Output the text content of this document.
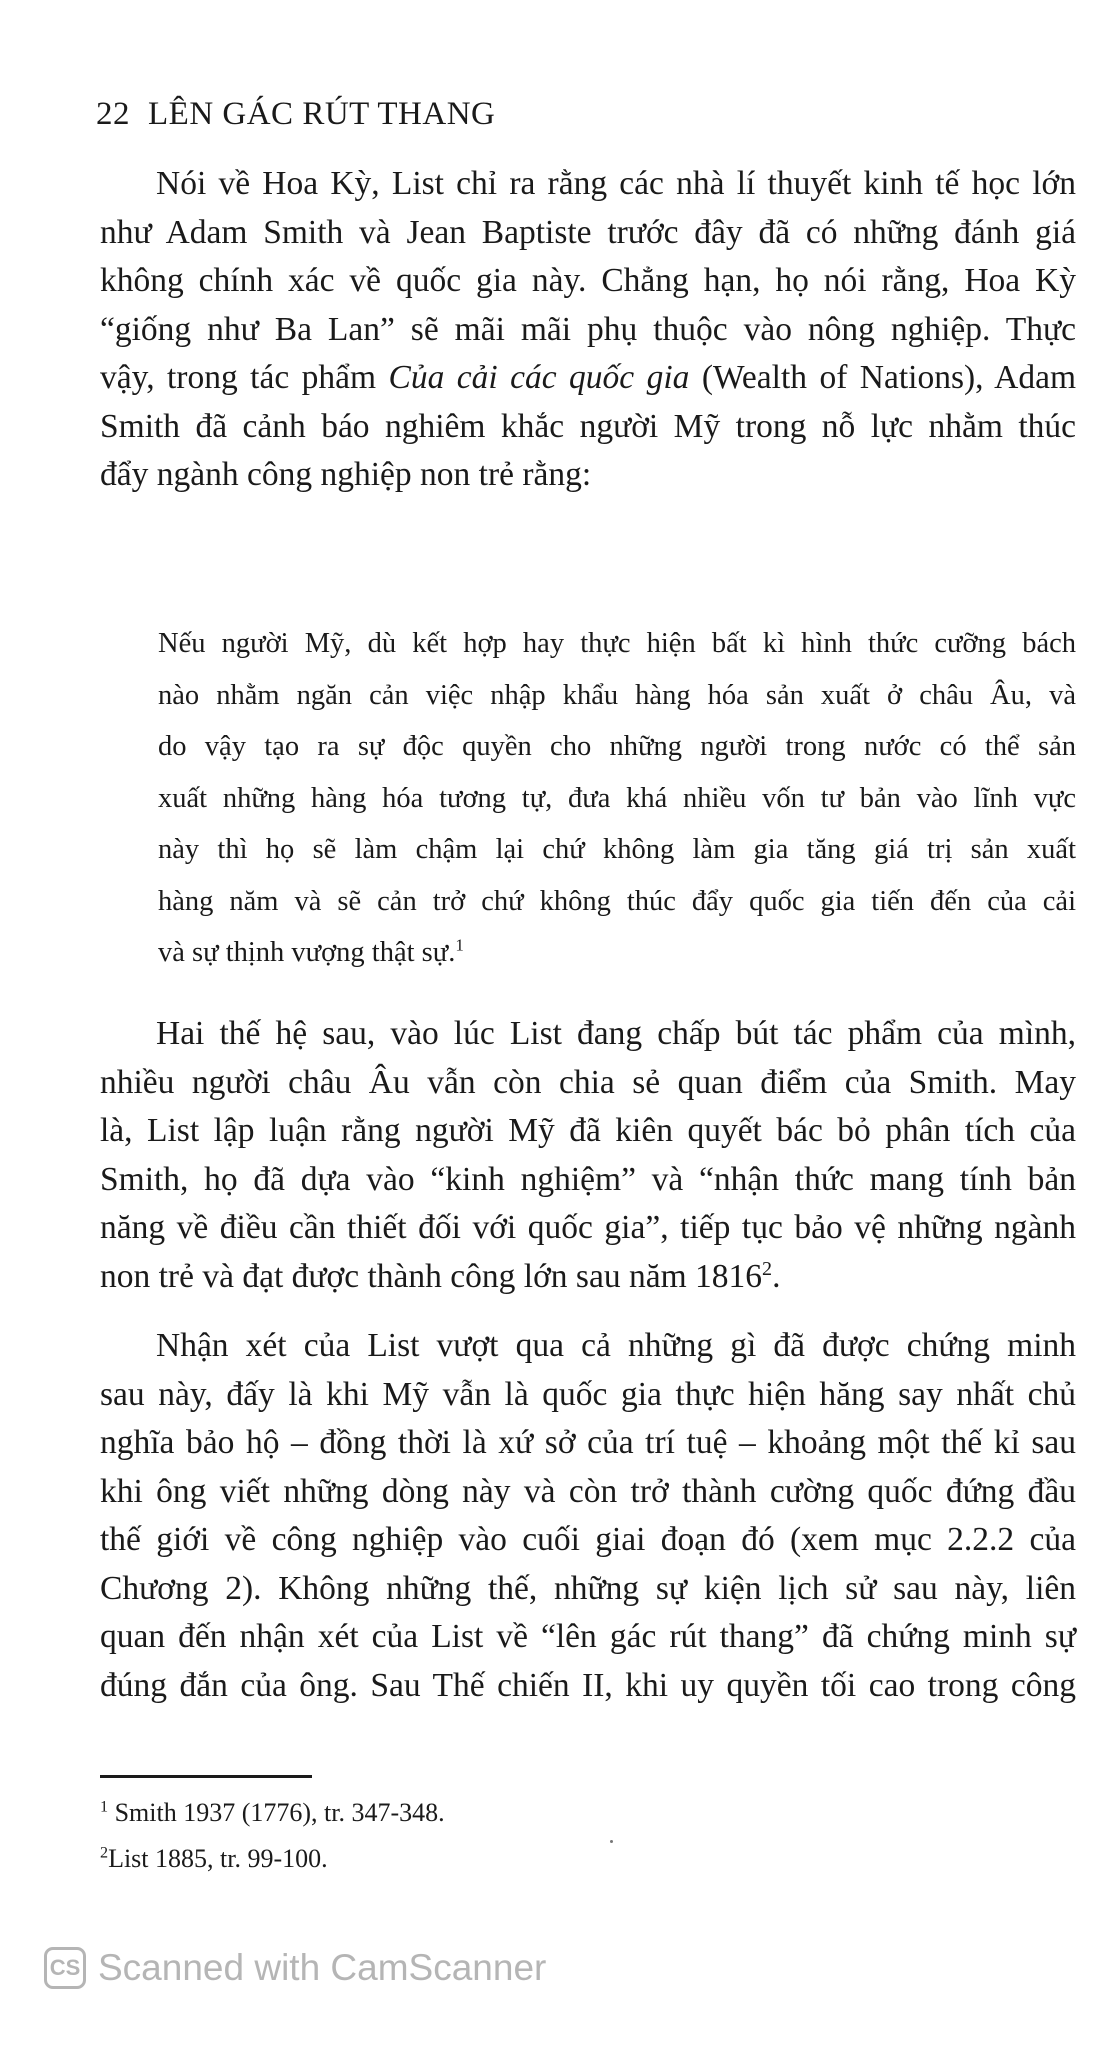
22 LÊN GÁC RÚT THANG
Nói về Hoa Kỳ, List chỉ ra rằng các nhà lí thuyết kinh tế học lớn
như Adam Smith và Jean Baptiste trước đây đã có những đánh giá
không chính xác về quốc gia này. Chẳng hạn, họ nói rằng, Hoa Kỳ
“giống như Ba Lan” sẽ mãi mãi phụ thuộc vào nông nghiệp. Thực
vậy, trong tác phẩm Của cải các quốc gia (Wealth of Nations), Adam
Smith đã cảnh báo nghiêm khắc người Mỹ trong nỗ lực nhằm thúc
đẩy ngành công nghiệp non trẻ rằng:
Nếu người Mỹ, dù kết hợp hay thực hiện bất kì hình thức cưỡng bách
nào nhằm ngăn cản việc nhập khẩu hàng hóa sản xuất ở châu Âu, và
do vậy tạo ra sự độc quyền cho những người trong nước có thể sản
xuất những hàng hóa tương tự, đưa khá nhiều vốn tư bản vào lĩnh vực
này thì họ sẽ làm chậm lại chứ không làm gia tăng giá trị sản xuất
hàng năm và sẽ cản trở chứ không thúc đẩy quốc gia tiến đến của cải
và sự thịnh vượng thật sự.$^1$
Hai thế hệ sau, vào lúc List đang chấp bút tác phẩm của mình,
nhiều người châu Âu vẫn còn chia sẻ quan điểm của Smith. May
là, List lập luận rằng người Mỹ đã kiên quyết bác bỏ phân tích của
Smith, họ đã dựa vào “kinh nghiệm” và “nhận thức mang tính bản
năng về điều cần thiết đối với quốc gia”, tiếp tục bảo vệ những ngành
non trẻ và đạt được thành công lớn sau năm 1816$^2$.
Nhận xét của List vượt qua cả những gì đã được chứng minh
sau này, đấy là khi Mỹ vẫn là quốc gia thực hiện hăng say nhất chủ
nghĩa bảo hộ – đồng thời là xứ sở của trí tuệ – khoảng một thế kỉ sau
khi ông viết những dòng này và còn trở thành cường quốc đứng đầu
thế giới về công nghiệp vào cuối giai đoạn đó (xem mục 2.2.2 của
Chương 2). Không những thế, những sự kiện lịch sử sau này, liên
quan đến nhận xét của List về “lên gác rút thang” đã chứng minh sự
đúng đắn của ông. Sau Thế chiến II, khi uy quyền tối cao trong công
$^1$ Smith 1937 (1776), tr. 347-348.
$^2$List 1885, tr. 99-100.
CS Scanned with CamScanner
